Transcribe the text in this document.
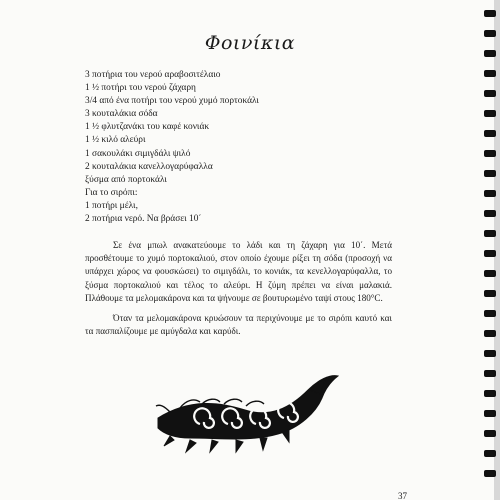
Φοινίκια
3 ποτήρια του νερού αραβοσιτέλαιο
1 ½ ποτήρι του νερού ζάχαρη
3/4 από ένα ποτήρι του νερού χυμό πορτοκάλι
3 κουταλάκια σόδα
1 ½ φλυτζανάκι του καφέ κονιάκ
1 ½ κιλό αλεύρι
1 σακουλάκι σιμιγδάλι ψιλό
2 κουταλάκια κανελλογαρύφαλλα
ξύσμα από πορτοκάλι
Για το σιρόπι:
1 ποτήρι μέλι,
2 ποτήρια νερό. Να βράσει 10΄

Σε ένα μπωλ ανακατεύουμε το λάδι και τη ζάχαρη για 10΄. Μετά προσθέτουμε το χυμό πορτοκαλιού, στον οποίο έχουμε ρίξει τη σόδα (προσοχή να υπάρχει χώρος να φουσκώσει) το σιμιγδάλι, το κονιάκ, τα κενελλογαρύφαλλα, το ξύσμα πορτοκαλιού και τέλος το αλεύρι. Η ζύμη πρέπει να είναι μαλακιά. Πλάθουμε τα μελομακάρονα και τα ψήνουμε σε βουτυρωμένο ταψί στους 180°C.

Όταν τα μελομακάρονα κρυώσουν τα περιχύνουμε με το σιρόπι καυτό και τα πασπαλίζουμε με αμύγδαλα και καρύδι.

37
